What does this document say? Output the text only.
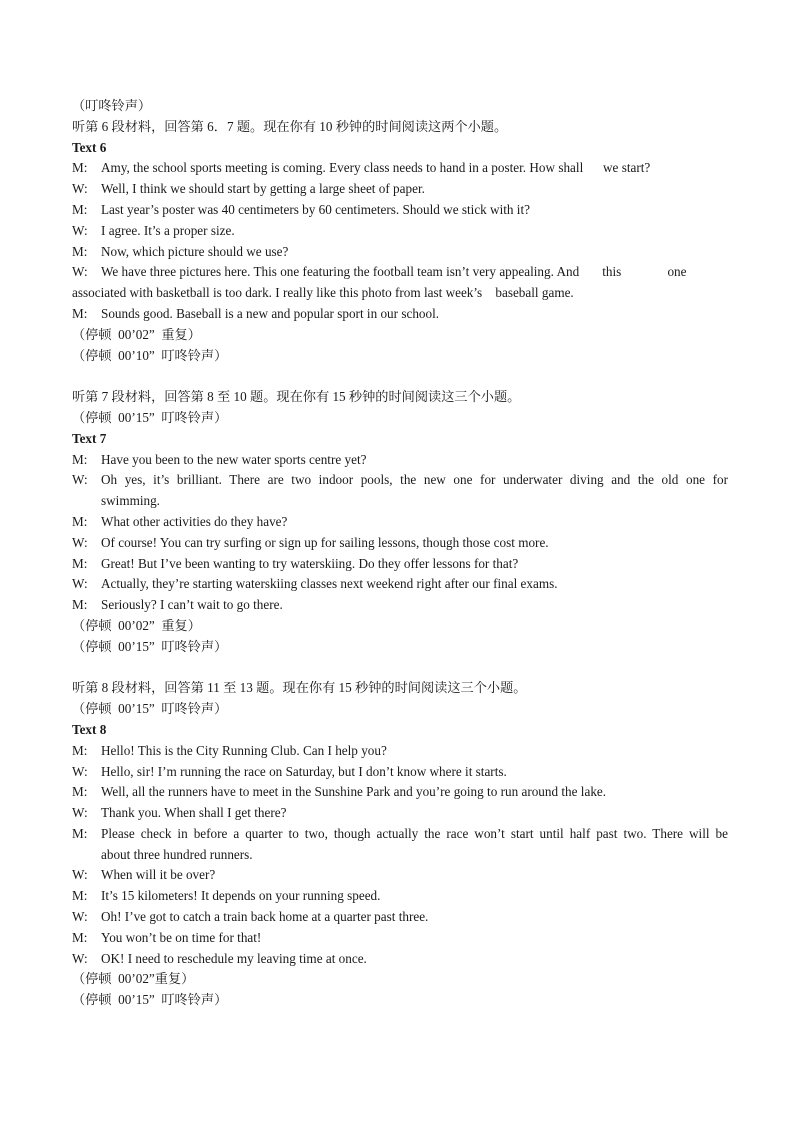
（叮咚铃声）
听第 6 段材料，回答第 6．7 题。现在你有 10 秒钟的时间阅读这两个小题。
Text 6
M:	Amy, the school sports meeting is coming. Every class needs to hand in a poster. How shall      we start?
W:	Well, I think we should start by getting a large sheet of paper.
M:	Last year’s poster was 40 centimeters by 60 centimeters. Should we stick with it?
W:	I agree. It’s a proper size.
M:	Now, which picture should we use?
W:	We have three pictures here. This one featuring the football team isn’t very appealing. And       this              one
associated with basketball is too dark. I really like this photo from last week’s    baseball game.
M:	Sounds good. Baseball is a new and popular sport in our school.
（停顿  00’02”  重复）
（停顿  00’10”  叮咚铃声）
听第 7 段材料，回答第 8 至 10 题。现在你有 15 秒钟的时间阅读这三个小题。
（停顿  00’15”  叮咚铃声）
Text 7
M:	Have you been to the new water sports centre yet?
W:	Oh yes, it’s brilliant. There are two indoor pools, the new one for underwater diving and the old one for
swimming.
M:	What other activities do they have?
W:	Of course! You can try surfing or sign up for sailing lessons, though those cost more.
M:	Great! But I’ve been wanting to try waterskiing. Do they offer lessons for that?
W:	Actually, they’re starting waterskiing classes next weekend right after our final exams.
M:	Seriously? I can’t wait to go there.
（停顿  00’02”  重复）
（停顿  00’15”  叮咚铃声）
听第 8 段材料，回答第 11 至 13 题。现在你有 15 秒钟的时间阅读这三个小题。
（停顿  00’15”  叮咚铃声）
Text 8
M:	Hello! This is the City Running Club. Can I help you?
W:	Hello, sir! I’m running the race on Saturday, but I don’t know where it starts.
M:	Well, all the runners have to meet in the Sunshine Park and you’re going to run around the lake.
W:	Thank you. When shall I get there?
M:	Please check in before a quarter to two, though actually the race won’t start until half past two. There will be
about three hundred runners.
W:	When will it be over?
M:	It’s 15 kilometers! It depends on your running speed.
W:	Oh! I’ve got to catch a train back home at a quarter past three.
M:	You won’t be on time for that!
W:	OK! I need to reschedule my leaving time at once.
（停顿  00’02”重复）
（停顿  00’15”  叮咚铃声）
